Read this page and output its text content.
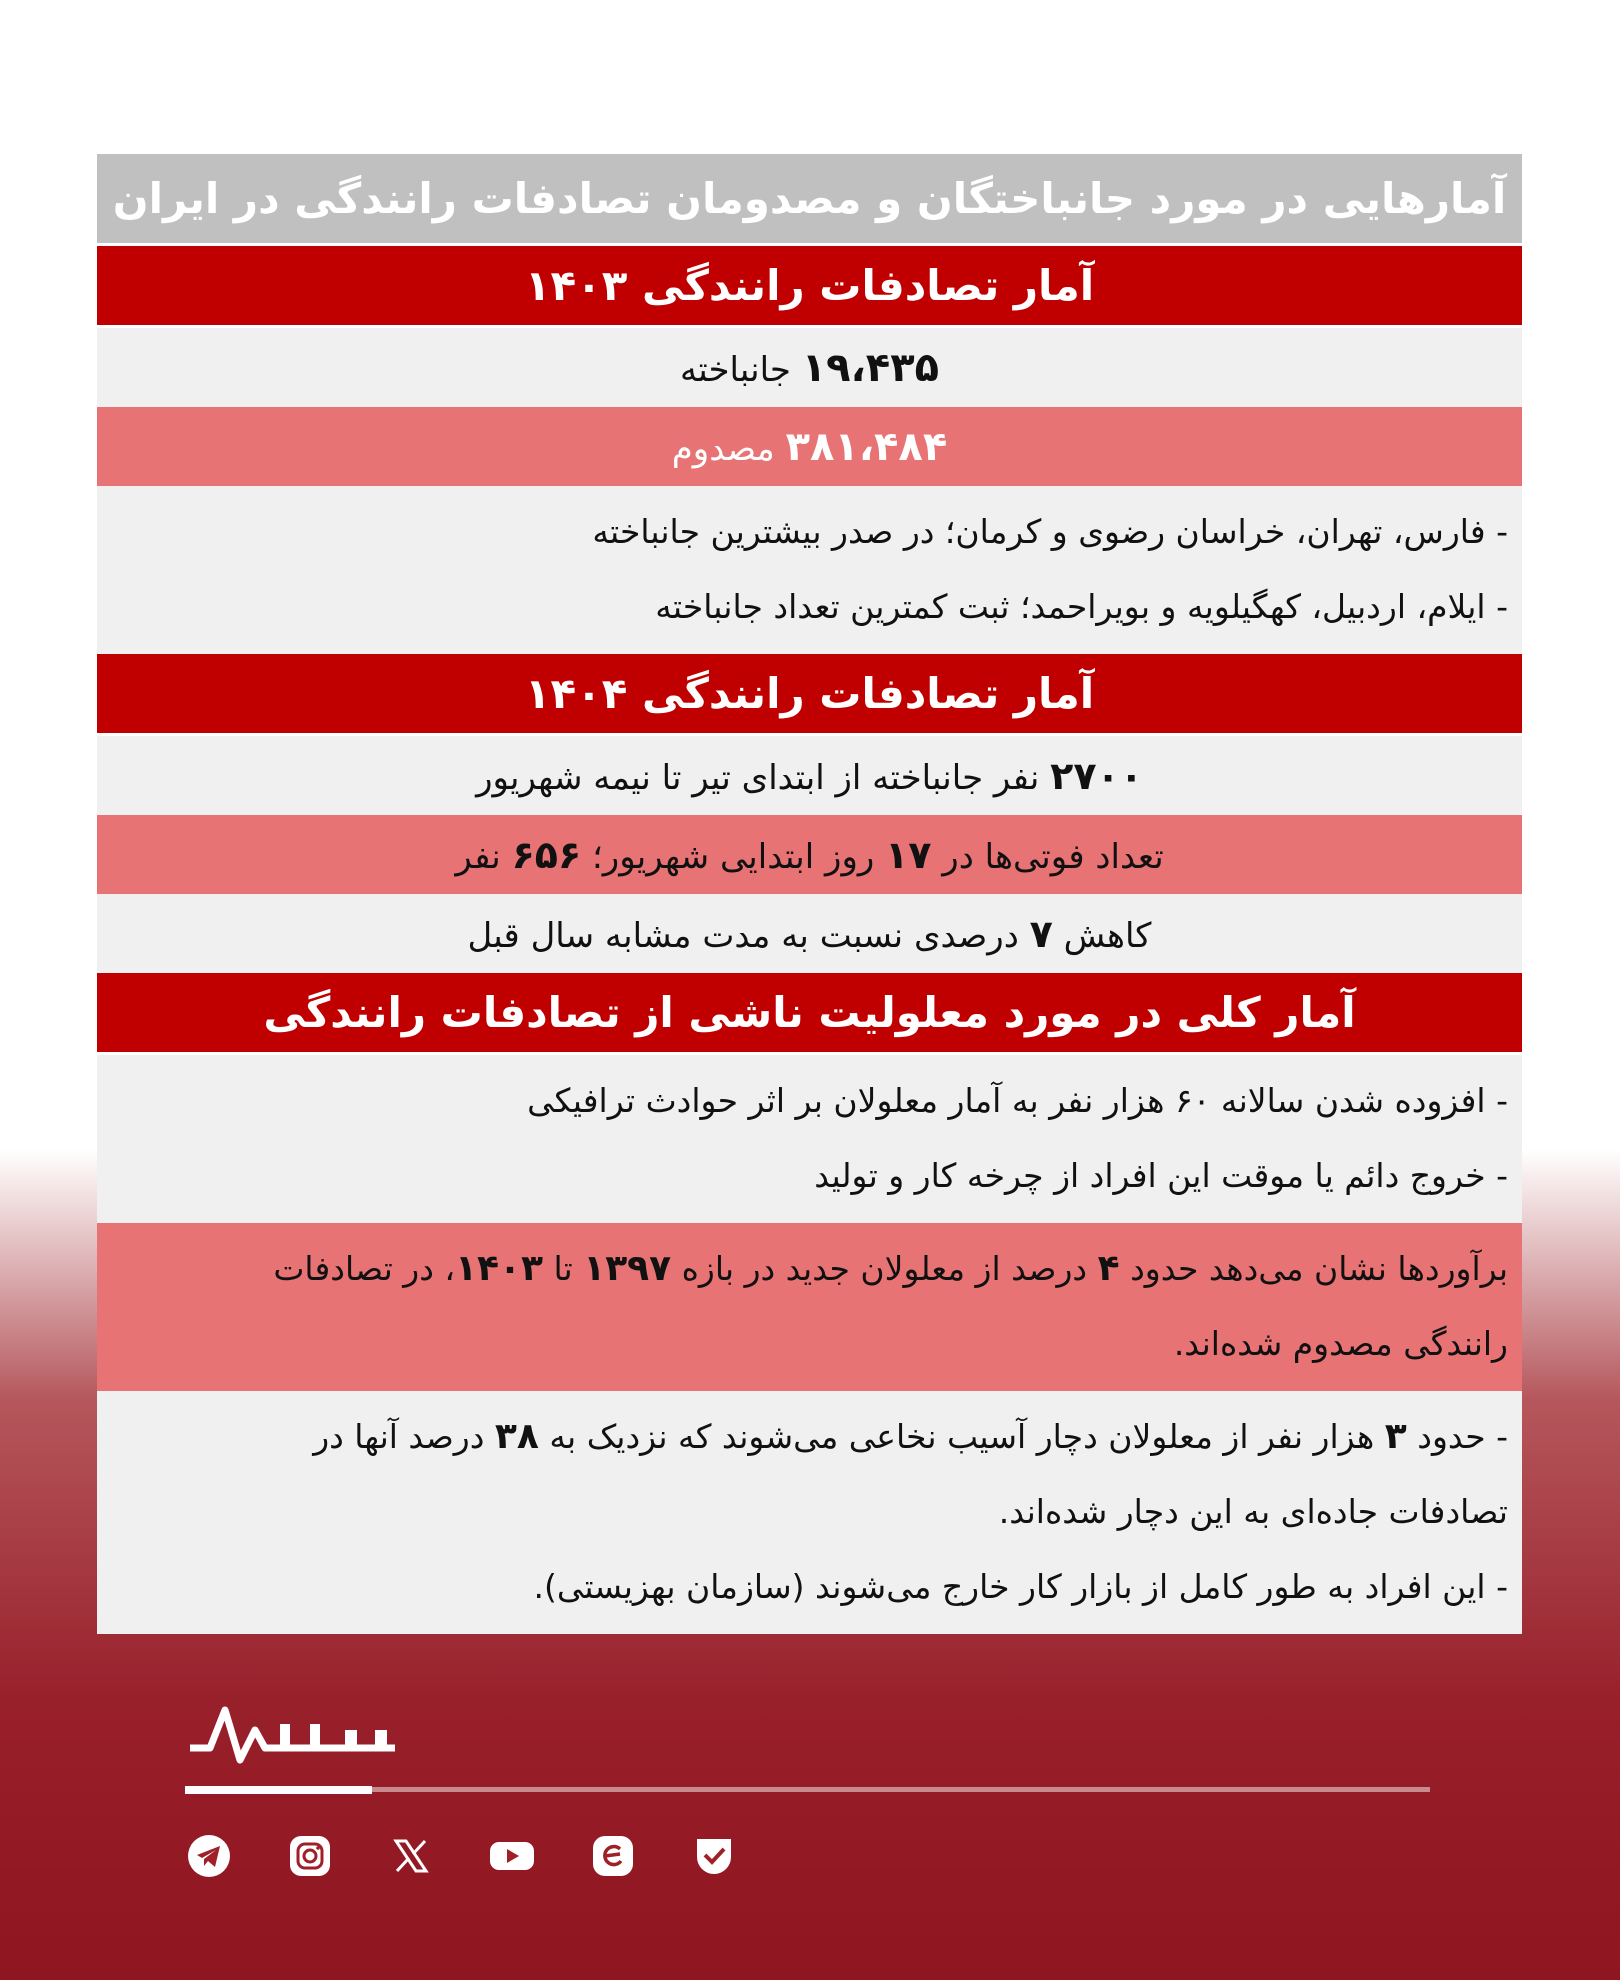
آمارهایی در مورد جانباختگان و مصدومان تصادفات رانندگی در ایران
آمار تصادفات رانندگی ۱۴۰۳
۱۹،۴۳۵ جانباخته
۳۸۱،۴۸۴ مصدوم
- فارس، تهران، خراسان رضوی و کرمان؛ در صدر بیشترین جانباخته
- ایلام، اردبیل، کهگیلویه و بویراحمد؛ ثبت کمترین تعداد جانباخته
آمار تصادفات رانندگی ۱۴۰۴
۲۷۰۰ نفر جانباخته از ابتدای تیر تا نیمه شهریور
تعداد فوتی‌ها در ۱۷ روز ابتدایی شهریور؛ ۶۵۶ نفر
کاهش ۷ درصدی نسبت به مدت مشابه سال قبل
آمار کلی در مورد معلولیت ناشی از تصادفات رانندگی
- افزوده شدن سالانه ۶۰ هزار نفر به آمار معلولان بر اثر حوادث ترافیکی
- خروج دائم یا موقت این افراد از چرخه کار و تولید
برآوردها نشان می‌دهد حدود ۴ درصد از معلولان جدید در بازه ۱۳۹۷ تا ۱۴۰۳، در تصادفات
رانندگی مصدوم شده‌اند.
- حدود ۳ هزار نفر از معلولان دچار آسیب نخاعی می‌شوند که نزدیک به ۳۸ درصد آنها در
تصادفات جاده‌ای به این دچار شده‌اند.
- این افراد به طور کامل از بازار کار خارج می‌شوند (سازمان بهزیستی).
